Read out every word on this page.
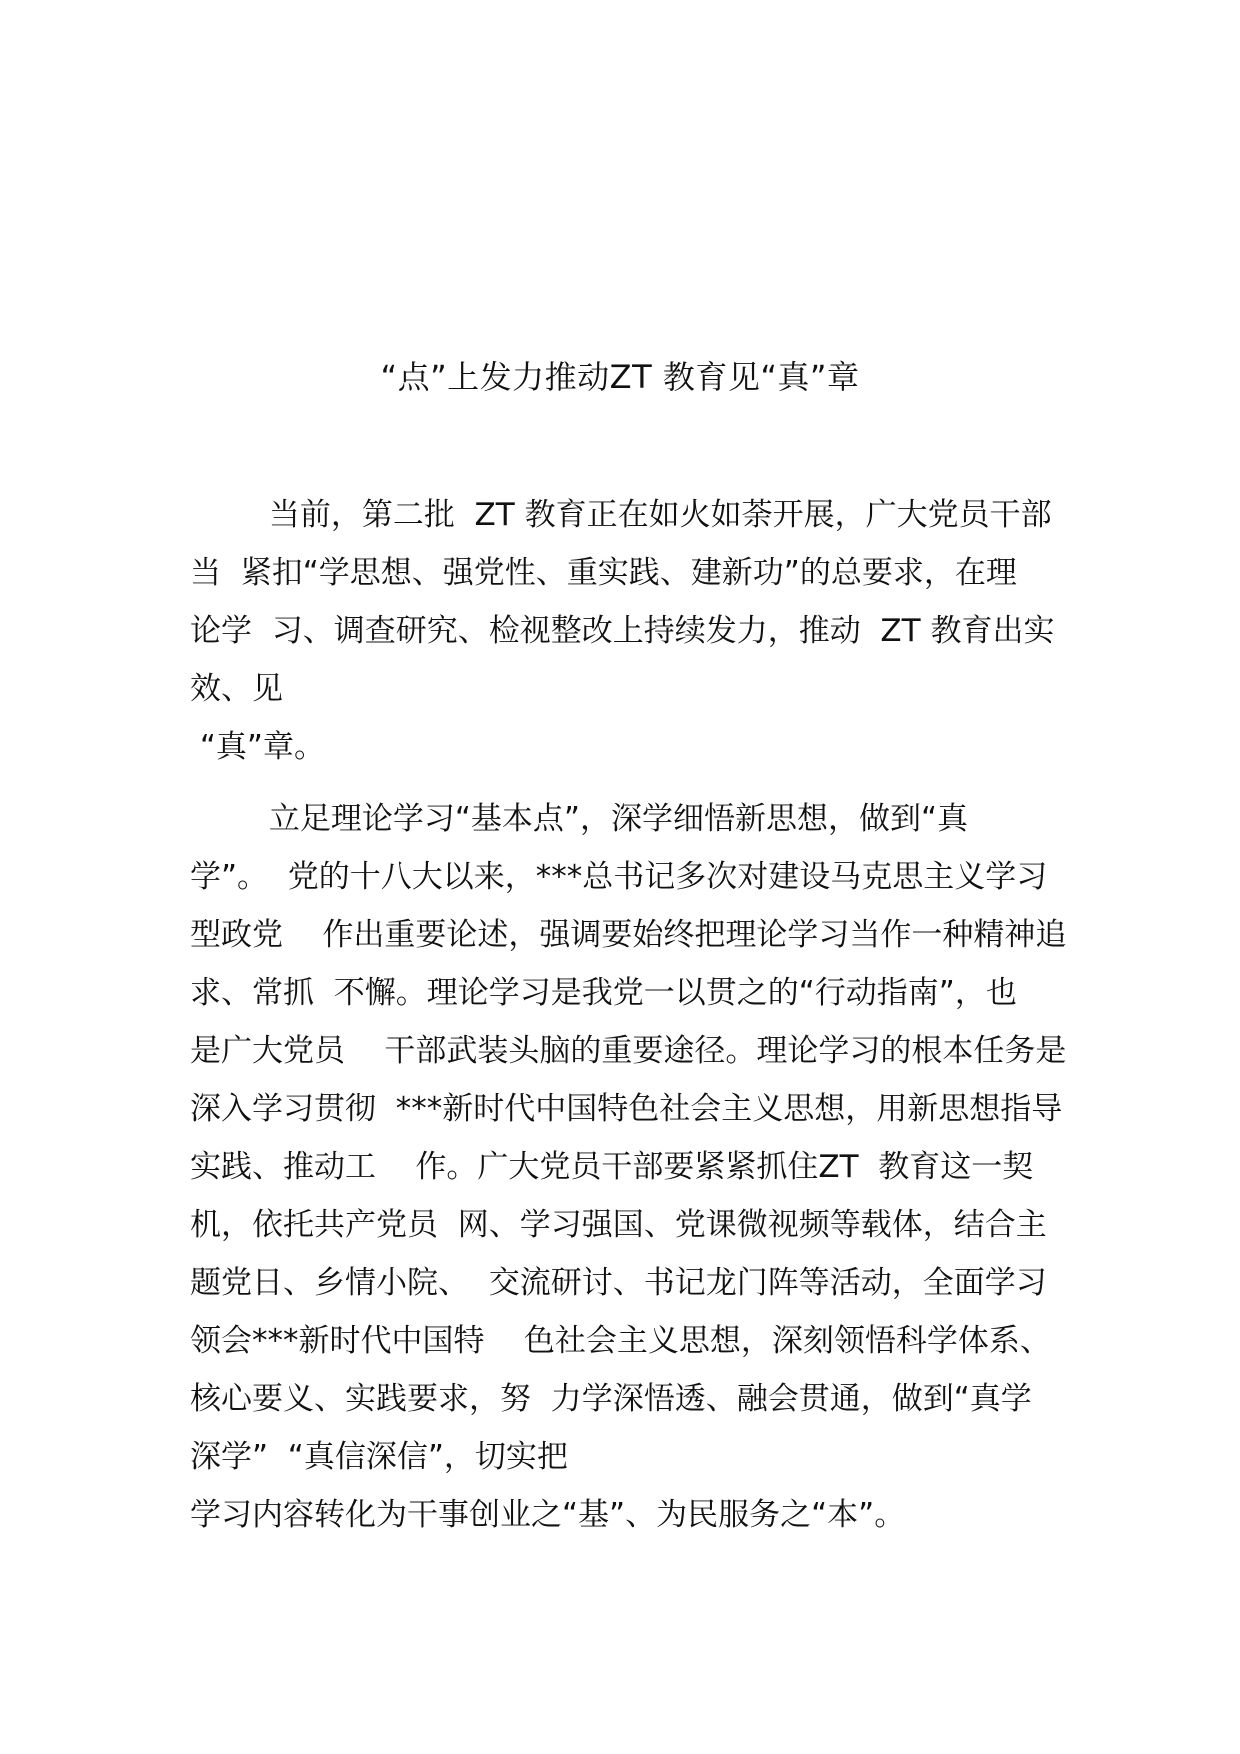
“点”上发力推动ZT 教育见“真”章
当前，第二批  ZT 教育正在如火如荼开展，广大党员干部
当  紧扣“学思想、强党性、重实践、建新功”的总要求，在理
论学  习、调查研究、检视整改上持续发力，推动  ZT 教育出实
效、见
“真”章。
立足理论学习“基本点”，深学细悟新思想，做到“真
学”。  党的十八大以来，***总书记多次对建设马克思主义学习
型政党    作出重要论述，强调要始终把理论学习当作一种精神追
求、常抓  不懈。理论学习是我党一以贯之的“行动指南”，也
是广大党员    干部武装头脑的重要途径。理论学习的根本任务是
深入学习贯彻  ***新时代中国特色社会主义思想，用新思想指导
实践、推动工    作。广大党员干部要紧紧抓住ZT  教育这一契
机，依托共产党员  网、学习强国、党课微视频等载体，结合主
题党日、乡情小院、  交流研讨、书记龙门阵等活动，全面学习
领会***新时代中国特    色社会主义思想，深刻领悟科学体系、
核心要义、实践要求，努  力学深悟透、融会贯通，做到“真学
深学”  “真信深信”，切实把
学习内容转化为干事创业之“基”、为民服务之“本”。
